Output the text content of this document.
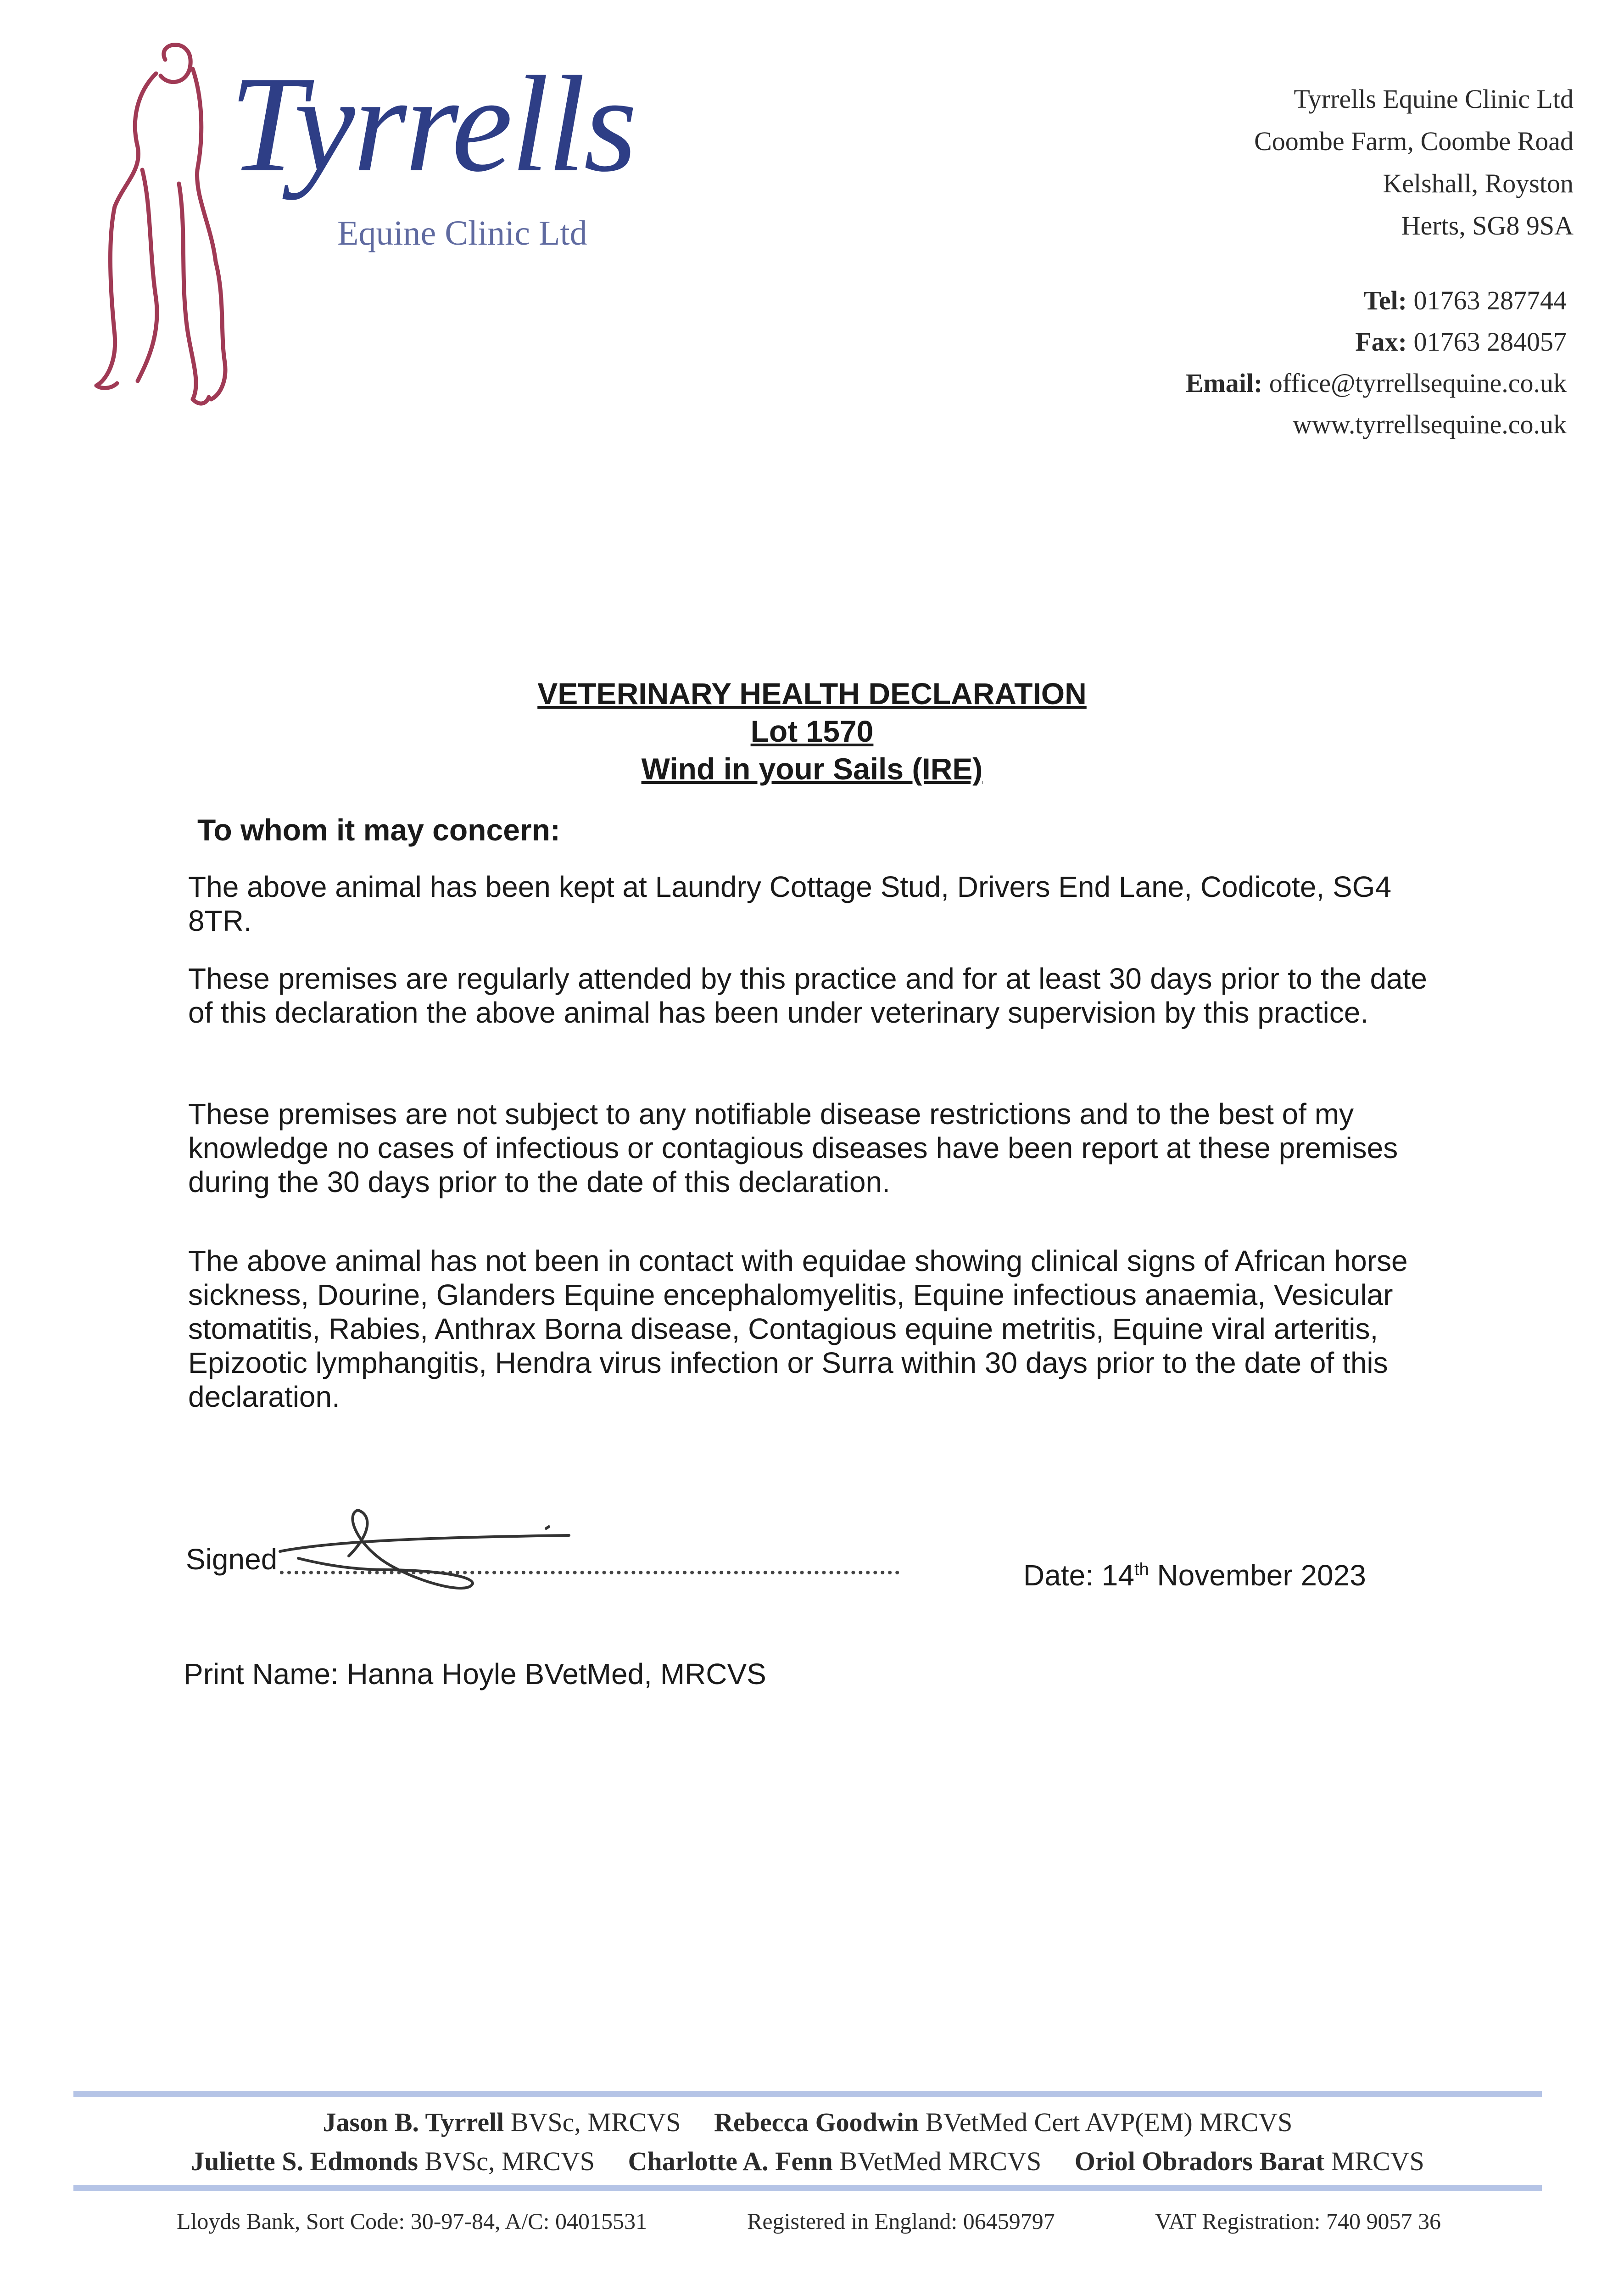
Tyrrells
Equine Clinic Ltd
Tyrrells Equine Clinic Ltd
Coombe Farm, Coombe Road
Kelshall, Royston
Herts, SG8 9SA
Tel: 01763 287744
Fax: 01763 284057
Email: office@tyrrellsequine.co.uk
www.tyrrellsequine.co.uk
VETERINARY HEALTH DECLARATION
Lot 1570
Wind in your Sails (IRE)
To whom it may concern:
The above animal has been kept at Laundry Cottage Stud, Drivers End Lane, Codicote, SG4 8TR.
These premises are regularly attended by this practice and for at least 30 days prior to the date of this declaration the above animal has been under veterinary supervision by this practice.
These premises are not subject to any notifiable disease restrictions and to the best of my knowledge no cases of infectious or contagious diseases have been report at these premises during the 30 days prior to the date of this declaration.
The above animal has not been in contact with equidae showing clinical signs of African horse sickness, Dourine, Glanders Equine encephalomyelitis, Equine infectious anaemia, Vesicular stomatitis, Rabies, Anthrax Borna disease, Contagious equine metritis, Equine viral arteritis, Epizootic lymphangitis, Hendra virus infection or Surra within 30 days prior to the date of this declaration.
Signed	Date: 14th November 2023
Print Name: Hanna Hoyle BVetMed, MRCVS
Jason B. Tyrrell BVSc, MRCVS Rebecca Goodwin BVetMed Cert AVP(EM) MRCVS
Juliette S. Edmonds BVSc, MRCVS Charlotte A. Fenn BVetMed MRCVS Oriol Obradors Barat MRCVS
Lloyds Bank, Sort Code: 30-97-84, A/C: 04015531	Registered in England: 06459797	VAT Registration: 740 9057 36
